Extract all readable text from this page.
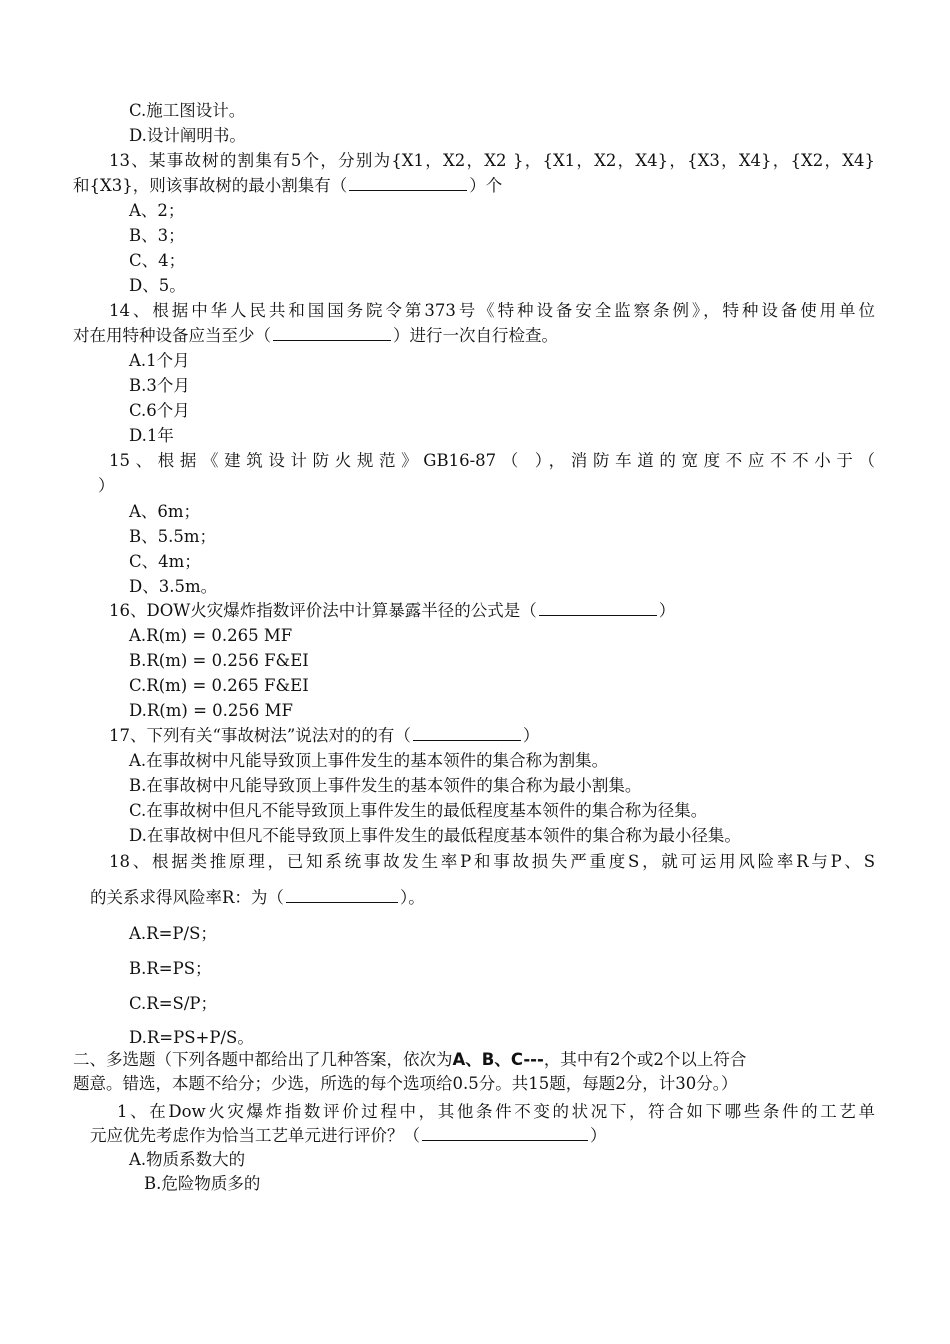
C.施工图设计。
D.设计阐明书。
13、某事故树的割集有5个，分别为{X1，X2，X2 }，{X1，X2，X4}，{X3，X4}，{X2，X4}
和{X3}，则该事故树的最小割集有（	）个
A、2；
B、3；
C、4；
D、5。
14、根据中华人民共和国国务院令第373号《特种设备安全监察条例》，特种设备使用单位
对在用特种设备应当至少（	）进行一次自行检查。
A.1个月
B.3个月
C.6个月
D.1年
15、根据《建筑设计防火规范》GB16-87（ ），消防车道的宽度不应不不小于（
）
A、6m；
B、5.5m；
C、4m；
D、3.5m。
16、DOW火灾爆炸指数评价法中计算暴露半径的公式是（	）
A.R(m) = 0.265 MF
B.R(m) = 0.256 F&EI
C.R(m) = 0.265 F&EI
D.R(m) = 0.256 MF
17、下列有关“事故树法”说法对的的有（	）
A.在事故树中凡能导致顶上事件发生的基本领件的集合称为割集。
B.在事故树中凡能导致顶上事件发生的基本领件的集合称为最小割集。
C.在事故树中但凡不能导致顶上事件发生的最低程度基本领件的集合称为径集。
D.在事故树中但凡不能导致顶上事件发生的最低程度基本领件的集合称为最小径集。
18、根据类推原理，已知系统事故发生率P和事故损失严重度S，就可运用风险率R与P、S
的关系求得风险率R：为（	）。
A.R=P/S；
B.R=PS；
C.R=S/P；
D.R=PS+P/S。
二、多选题（下列各题中都给出了几种答案，依次为A、B、C---，其中有2个或2个以上符合
题意。错选，本题不给分；少选，所选的每个选项给0.5分。共15题，每题2分，计30分。）
1、在Dow火灾爆炸指数评价过程中，其他条件不变的状况下，符合如下哪些条件的工艺单
元应优先考虑作为恰当工艺单元进行评价？（	）
A.物质系数大的
B.危险物质多的
